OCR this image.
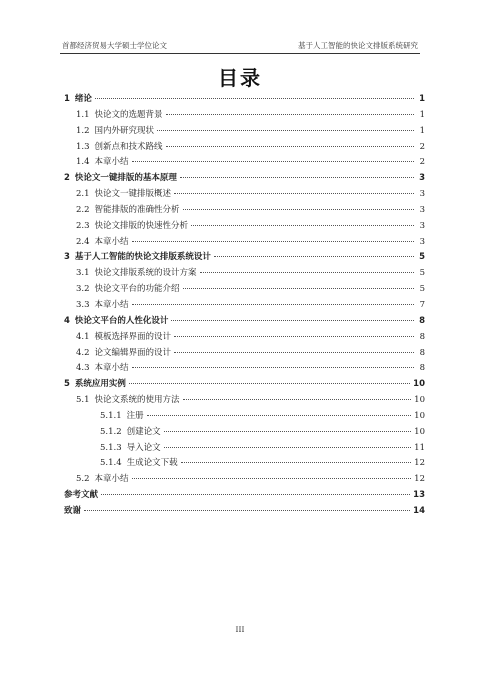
首都经济贸易大学硕士学位论文	基于人工智能的快论文排版系统研究
目录
1 绪论	1
1.1 快论文的选题背景	1
1.2 国内外研究现状	1
1.3 创新点和技术路线	2
1.4 本章小结	2
2 快论文一键排版的基本原理	3
2.1 快论文一键排版概述	3
2.2 智能排版的准确性分析	3
2.3 快论文排版的快速性分析	3
2.4 本章小结	3
3 基于人工智能的快论文排版系统设计	5
3.1 快论文排版系统的设计方案	5
3.2 快论文平台的功能介绍	5
3.3 本章小结	7
4 快论文平台的人性化设计	8
4.1 模板选择界面的设计	8
4.2 论文编辑界面的设计	8
4.3 本章小结	8
5 系统应用实例	10
5.1 快论文系统的使用方法	10
5.1.1 注册	10
5.1.2 创建论文	10
5.1.3 导入论文	11
5.1.4 生成论文下载	12
5.2 本章小结	12
参考文献	13
致谢	14
III
